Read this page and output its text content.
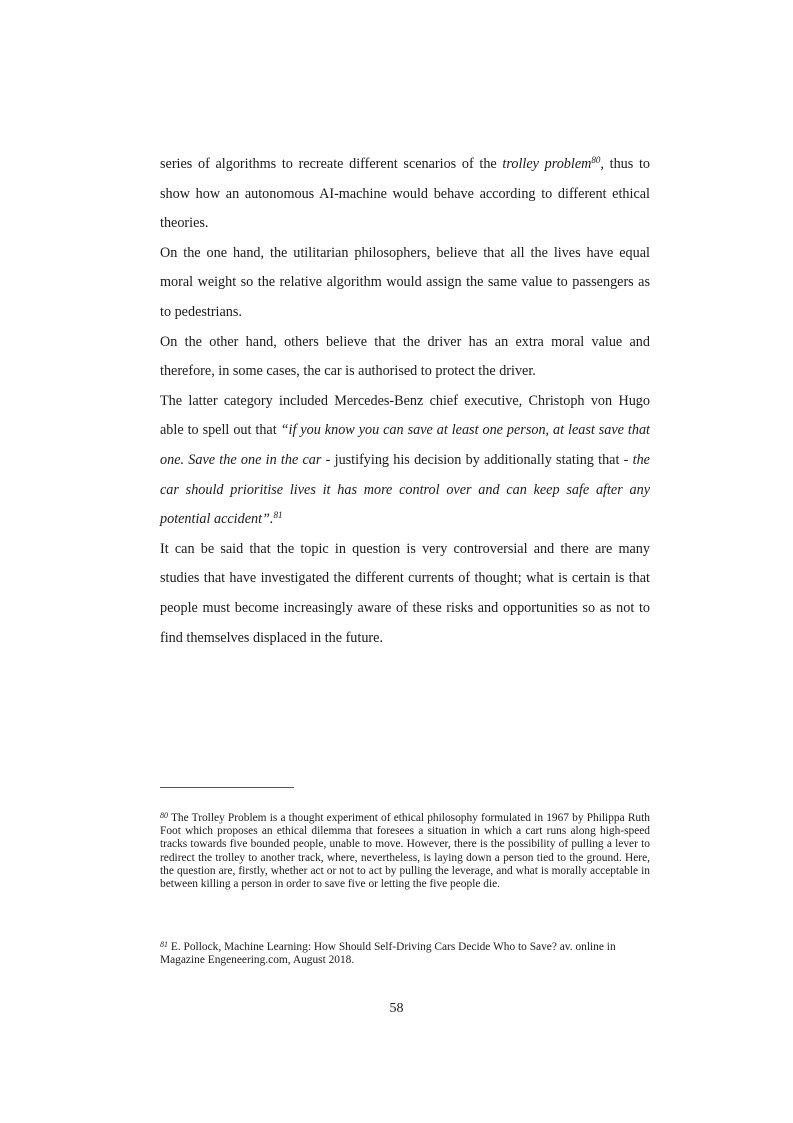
series of algorithms to recreate different scenarios of the trolley problem$^{80}$, thus to show how an autonomous AI-machine would behave according to different ethical theories.

On the one hand, the utilitarian philosophers, believe that all the lives have equal moral weight so the relative algorithm would assign the same value to passengers as to pedestrians.

On the other hand, others believe that the driver has an extra moral value and therefore, in some cases, the car is authorised to protect the driver.

The latter category included Mercedes-Benz chief executive, Christoph von Hugo able to spell out that “if you know you can save at least one person, at least save that one. Save the one in the car - justifying his decision by additionally stating that - the car should prioritise lives it has more control over and can keep safe after any potential accident”.$^{81}$

It can be said that the topic in question is very controversial and there are many studies that have investigated the different currents of thought; what is certain is that people must become increasingly aware of these risks and opportunities so as not to find themselves displaced in the future.

$^{80}$ The Trolley Problem is a thought experiment of ethical philosophy formulated in 1967 by Philippa Ruth Foot which proposes an ethical dilemma that foresees a situation in which a cart runs along high-speed tracks towards five bounded people, unable to move. However, there is the possibility of pulling a lever to redirect the trolley to another track, where, nevertheless, is laying down a person tied to the ground. Here, the question are, firstly, whether act or not to act by pulling the leverage, and what is morally acceptable in between killing a person in order to save five or letting the five people die.
$^{81}$ E. Pollock, Machine Learning: How Should Self-Driving Cars Decide Who to Save? av. online in Magazine Engeneering.com, August 2018.
58
